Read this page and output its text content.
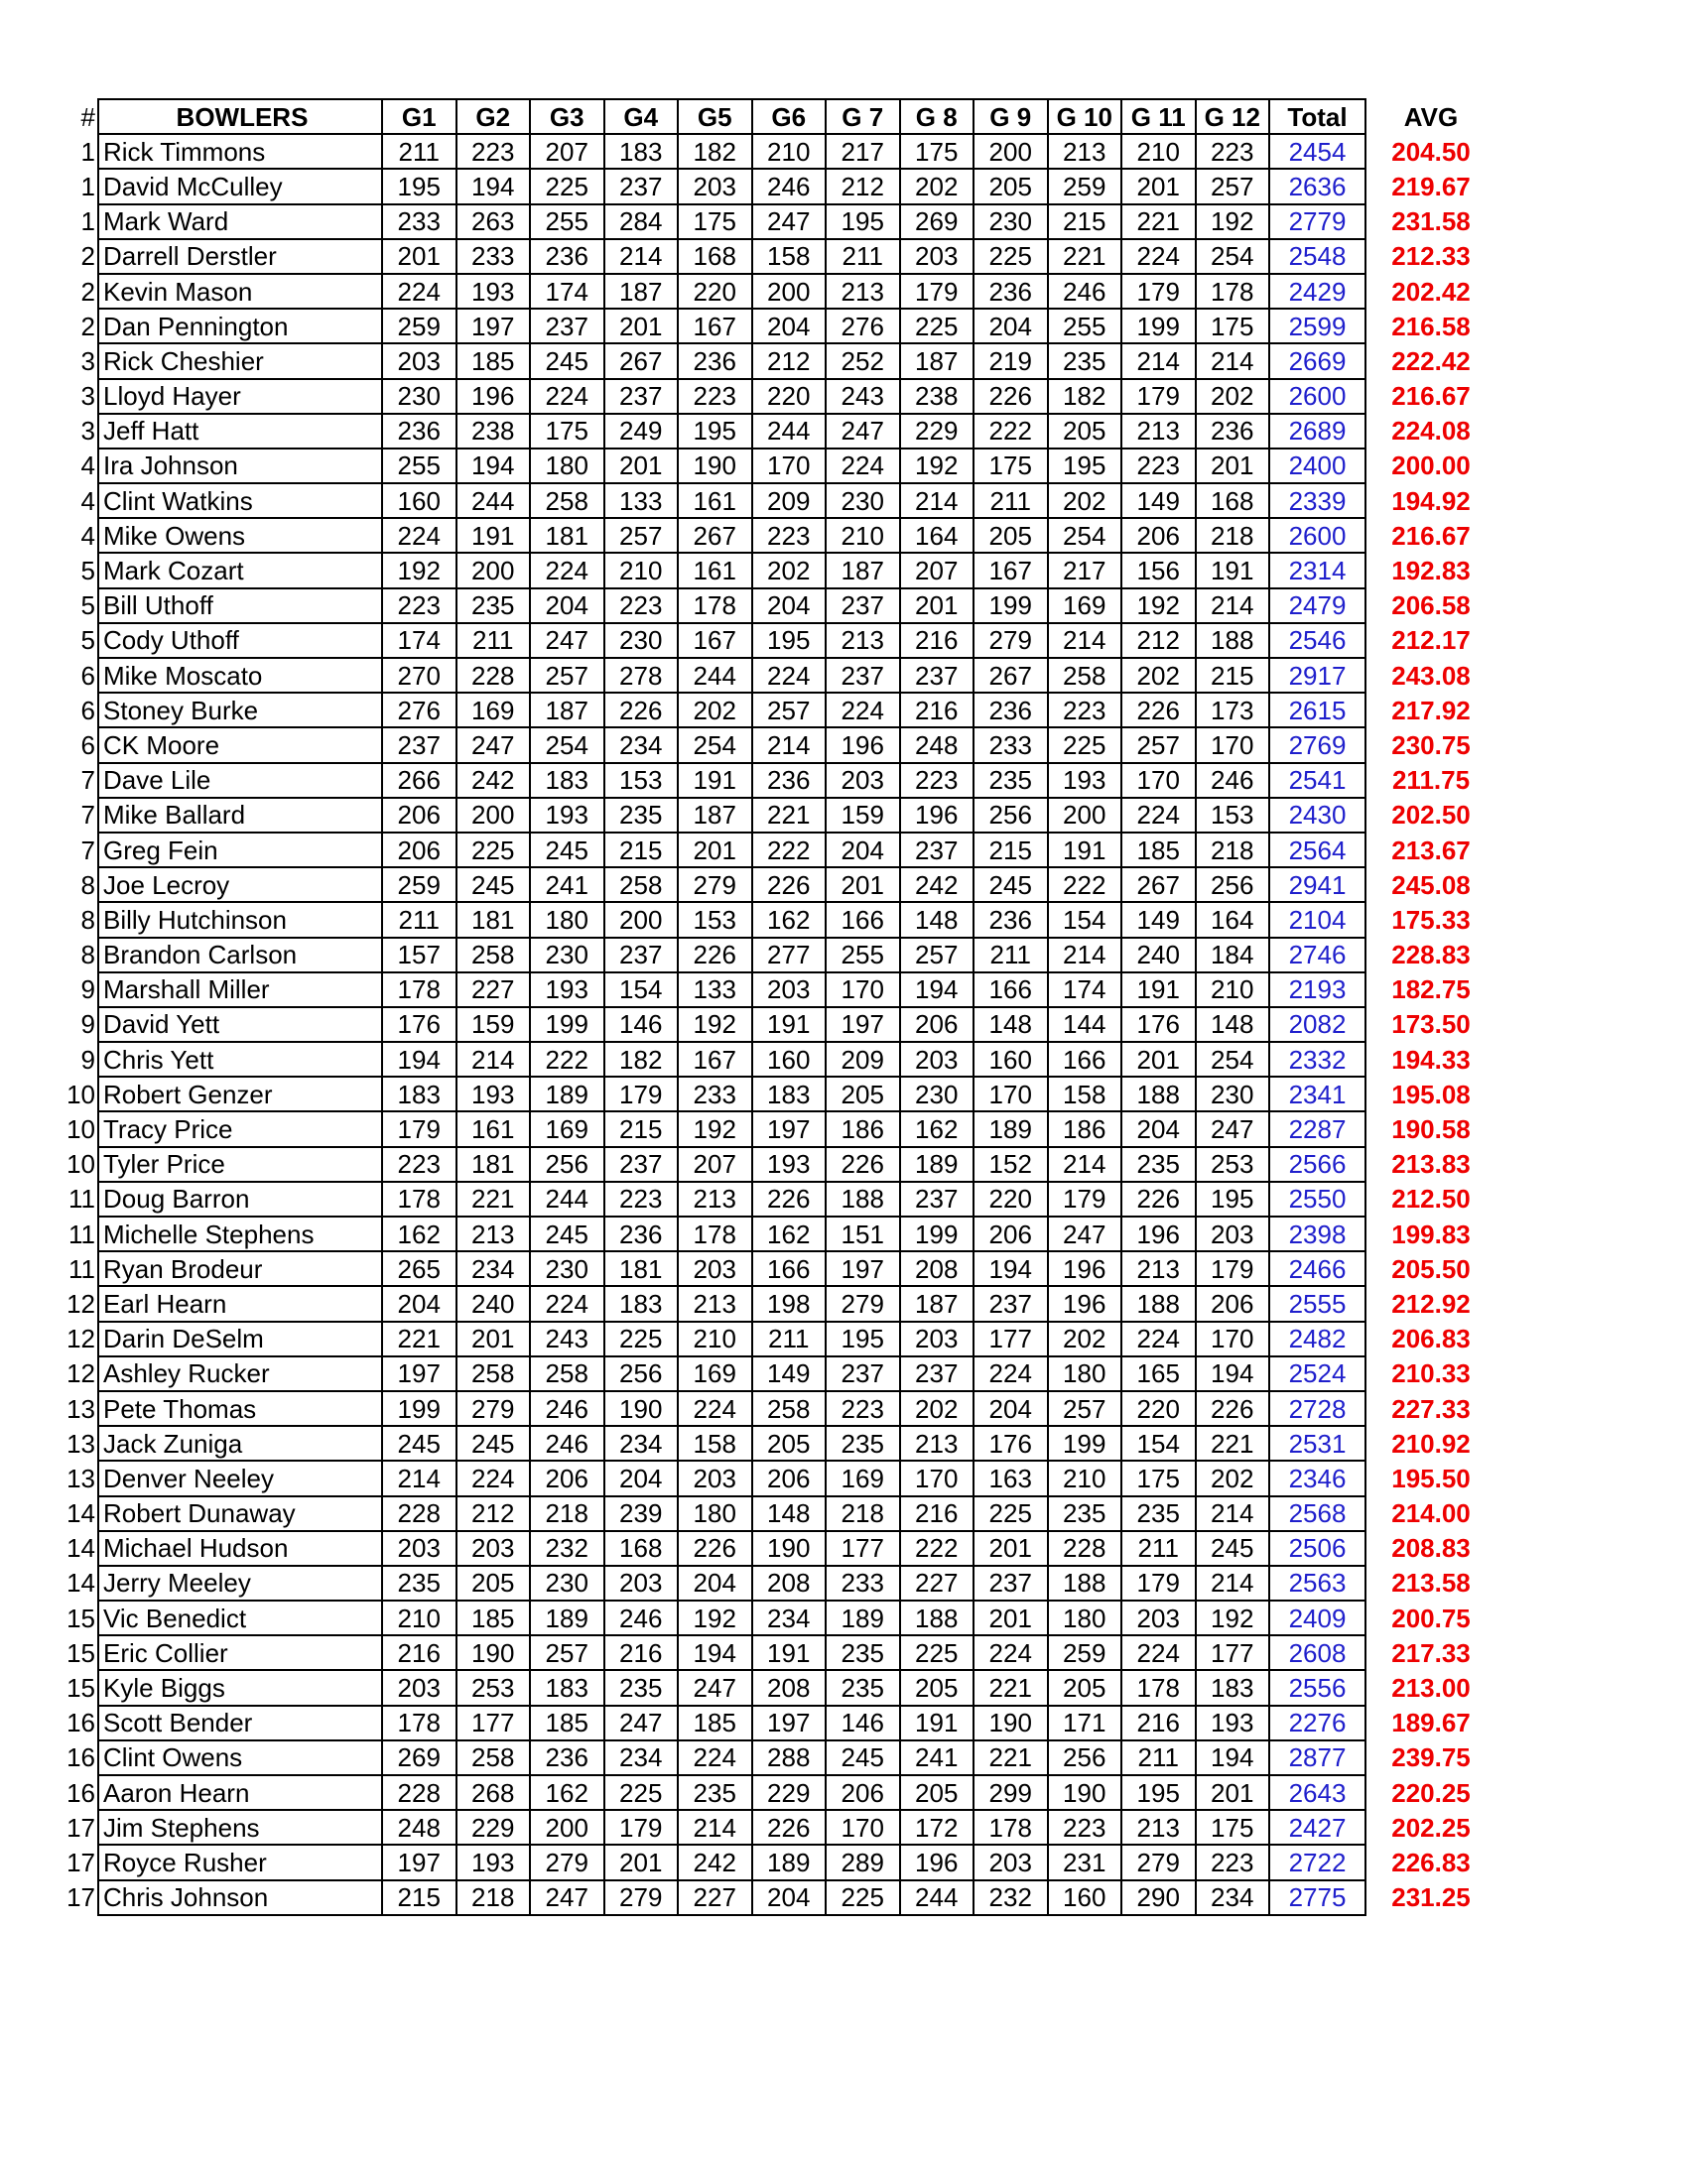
#	BOWLERS	G1	G2	G3	G4	G5	G6	G 7	G 8	G 9	G 10	G 11	G 12	Total	AVG
1	Rick Timmons	211	223	207	183	182	210	217	175	200	213	210	223	2454	204.50
1	David McCulley	195	194	225	237	203	246	212	202	205	259	201	257	2636	219.67
1	Mark Ward	233	263	255	284	175	247	195	269	230	215	221	192	2779	231.58
2	Darrell Derstler	201	233	236	214	168	158	211	203	225	221	224	254	2548	212.33
2	Kevin Mason	224	193	174	187	220	200	213	179	236	246	179	178	2429	202.42
2	Dan Pennington	259	197	237	201	167	204	276	225	204	255	199	175	2599	216.58
3	Rick Cheshier	203	185	245	267	236	212	252	187	219	235	214	214	2669	222.42
3	Lloyd Hayer	230	196	224	237	223	220	243	238	226	182	179	202	2600	216.67
3	Jeff Hatt	236	238	175	249	195	244	247	229	222	205	213	236	2689	224.08
4	Ira Johnson	255	194	180	201	190	170	224	192	175	195	223	201	2400	200.00
4	Clint Watkins	160	244	258	133	161	209	230	214	211	202	149	168	2339	194.92
4	Mike Owens	224	191	181	257	267	223	210	164	205	254	206	218	2600	216.67
5	Mark Cozart	192	200	224	210	161	202	187	207	167	217	156	191	2314	192.83
5	Bill Uthoff	223	235	204	223	178	204	237	201	199	169	192	214	2479	206.58
5	Cody Uthoff	174	211	247	230	167	195	213	216	279	214	212	188	2546	212.17
6	Mike Moscato	270	228	257	278	244	224	237	237	267	258	202	215	2917	243.08
6	Stoney Burke	276	169	187	226	202	257	224	216	236	223	226	173	2615	217.92
6	CK Moore	237	247	254	234	254	214	196	248	233	225	257	170	2769	230.75
7	Dave Lile	266	242	183	153	191	236	203	223	235	193	170	246	2541	211.75
7	Mike Ballard	206	200	193	235	187	221	159	196	256	200	224	153	2430	202.50
7	Greg Fein	206	225	245	215	201	222	204	237	215	191	185	218	2564	213.67
8	Joe Lecroy	259	245	241	258	279	226	201	242	245	222	267	256	2941	245.08
8	Billy Hutchinson	211	181	180	200	153	162	166	148	236	154	149	164	2104	175.33
8	Brandon Carlson	157	258	230	237	226	277	255	257	211	214	240	184	2746	228.83
9	Marshall Miller	178	227	193	154	133	203	170	194	166	174	191	210	2193	182.75
9	David Yett	176	159	199	146	192	191	197	206	148	144	176	148	2082	173.50
9	Chris Yett	194	214	222	182	167	160	209	203	160	166	201	254	2332	194.33
10	Robert Genzer	183	193	189	179	233	183	205	230	170	158	188	230	2341	195.08
10	Tracy Price	179	161	169	215	192	197	186	162	189	186	204	247	2287	190.58
10	Tyler Price	223	181	256	237	207	193	226	189	152	214	235	253	2566	213.83
11	Doug Barron	178	221	244	223	213	226	188	237	220	179	226	195	2550	212.50
11	Michelle Stephens	162	213	245	236	178	162	151	199	206	247	196	203	2398	199.83
11	Ryan Brodeur	265	234	230	181	203	166	197	208	194	196	213	179	2466	205.50
12	Earl Hearn	204	240	224	183	213	198	279	187	237	196	188	206	2555	212.92
12	Darin DeSelm	221	201	243	225	210	211	195	203	177	202	224	170	2482	206.83
12	Ashley Rucker	197	258	258	256	169	149	237	237	224	180	165	194	2524	210.33
13	Pete Thomas	199	279	246	190	224	258	223	202	204	257	220	226	2728	227.33
13	Jack Zuniga	245	245	246	234	158	205	235	213	176	199	154	221	2531	210.92
13	Denver Neeley	214	224	206	204	203	206	169	170	163	210	175	202	2346	195.50
14	Robert Dunaway	228	212	218	239	180	148	218	216	225	235	235	214	2568	214.00
14	Michael Hudson	203	203	232	168	226	190	177	222	201	228	211	245	2506	208.83
14	Jerry Meeley	235	205	230	203	204	208	233	227	237	188	179	214	2563	213.58
15	Vic Benedict	210	185	189	246	192	234	189	188	201	180	203	192	2409	200.75
15	Eric Collier	216	190	257	216	194	191	235	225	224	259	224	177	2608	217.33
15	Kyle Biggs	203	253	183	235	247	208	235	205	221	205	178	183	2556	213.00
16	Scott Bender	178	177	185	247	185	197	146	191	190	171	216	193	2276	189.67
16	Clint Owens	269	258	236	234	224	288	245	241	221	256	211	194	2877	239.75
16	Aaron Hearn	228	268	162	225	235	229	206	205	299	190	195	201	2643	220.25
17	Jim Stephens	248	229	200	179	214	226	170	172	178	223	213	175	2427	202.25
17	Royce Rusher	197	193	279	201	242	189	289	196	203	231	279	223	2722	226.83
17	Chris Johnson	215	218	247	279	227	204	225	244	232	160	290	234	2775	231.25
